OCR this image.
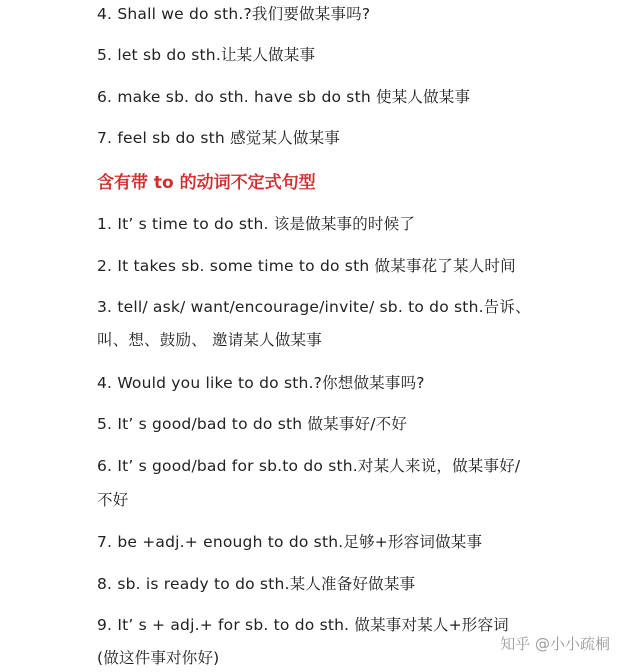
4. Shall we do sth.?我们要做某事吗?
5. let sb do sth.让某人做某事
6. make sb. do sth. have sb do sth 使某人做某事
7. feel sb do sth 感觉某人做某事
含有带 to 的动词不定式句型
1. It’ s time to do sth. 该是做某事的时候了
2. It takes sb. some time to do sth 做某事花了某人时间
3. tell/ ask/ want/encourage/invite/ sb. to do sth.告诉、
叫、想、鼓励、 邀请某人做某事
4. Would you like to do sth.?你想做某事吗?
5. It’ s good/bad to do sth 做某事好/不好
6. It’ s good/bad for sb.to do sth.对某人来说，做某事好/
不好
7. be +adj.+ enough to do sth.足够+形容词做某事
8. sb. is ready to do sth.某人准备好做某事
9. It’ s + adj.+ for sb. to do sth. 做某事对某人+形容词
(做这件事对你好)
知乎 @小小疏桐
